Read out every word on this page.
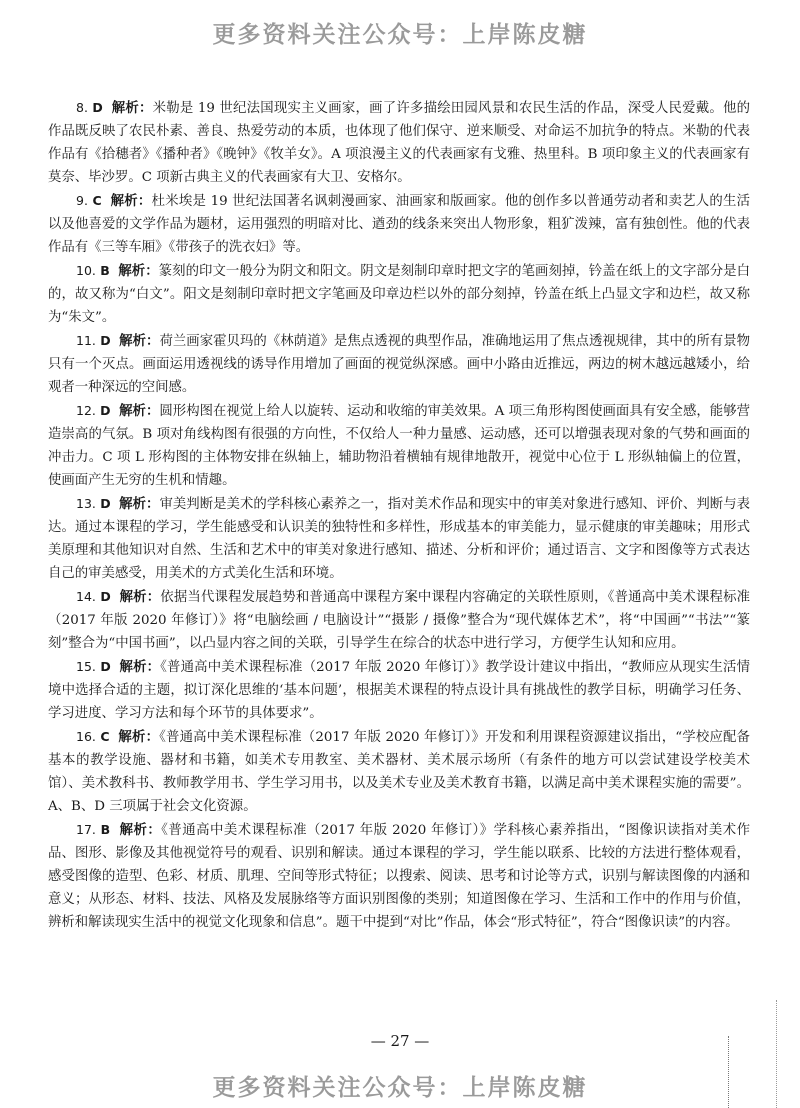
更多资料关注公众号：上岸陈皮糖

8. D 解析：米勒是 19 世纪法国现实主义画家，画了许多描绘田园风景和农民生活的作品，深受人民爱戴。他的作品既反映了农民朴素、善良、热爱劳动的本质，也体现了他们保守、逆来顺受、对命运不加抗争的特点。米勒的代表作品有《拾穗者》《播种者》《晚钟》《牧羊女》。A 项浪漫主义的代表画家有戈雅、热里科。B 项印象主义的代表画家有莫奈、毕沙罗。C 项新古典主义的代表画家有大卫、安格尔。

9. C 解析：杜米埃是 19 世纪法国著名讽刺漫画家、油画家和版画家。他的创作多以普通劳动者和卖艺人的生活以及他喜爱的文学作品为题材，运用强烈的明暗对比、遒劲的线条来突出人物形象，粗犷泼辣，富有独创性。他的代表作品有《三等车厢》《带孩子的洗衣妇》等。

10. B 解析：篆刻的印文一般分为阴文和阳文。阴文是刻制印章时把文字的笔画刻掉，钤盖在纸上的文字部分是白的，故又称为“白文”。阳文是刻制印章时把文字笔画及印章边栏以外的部分刻掉，钤盖在纸上凸显文字和边栏，故又称为“朱文”。

11. D 解析：荷兰画家霍贝玛的《林荫道》是焦点透视的典型作品，准确地运用了焦点透视规律，其中的所有景物只有一个灭点。画面运用透视线的诱导作用增加了画面的视觉纵深感。画中小路由近推远，两边的树木越远越矮小，给观者一种深远的空间感。

12. D 解析：圆形构图在视觉上给人以旋转、运动和收缩的审美效果。A 项三角形构图使画面具有安全感，能够营造崇高的气氛。B 项对角线构图有很强的方向性，不仅给人一种力量感、运动感，还可以增强表现对象的气势和画面的冲击力。C 项 L 形构图的主体物安排在纵轴上，辅助物沿着横轴有规律地散开，视觉中心位于 L 形纵轴偏上的位置，使画面产生无穷的生机和情趣。

13. D 解析：审美判断是美术的学科核心素养之一，指对美术作品和现实中的审美对象进行感知、评价、判断与表达。通过本课程的学习，学生能感受和认识美的独特性和多样性，形成基本的审美能力，显示健康的审美趣味；用形式美原理和其他知识对自然、生活和艺术中的审美对象进行感知、描述、分析和评价；通过语言、文字和图像等方式表达自己的审美感受，用美术的方式美化生活和环境。

14. D 解析：依据当代课程发展趋势和普通高中课程方案中课程内容确定的关联性原则，《普通高中美术课程标准（2017 年版 2020 年修订）》将“电脑绘画 / 电脑设计”“摄影 / 摄像”整合为“现代媒体艺术”，将“中国画”“书法”“篆刻”整合为“中国书画”，以凸显内容之间的关联，引导学生在综合的状态中进行学习，方便学生认知和应用。

15. D 解析：《普通高中美术课程标准（2017 年版 2020 年修订）》教学设计建议中指出，“教师应从现实生活情境中选择合适的主题，拟订深化思维的‘基本问题’，根据美术课程的特点设计具有挑战性的教学目标，明确学习任务、学习进度、学习方法和每个环节的具体要求”。

16. C 解析：《普通高中美术课程标准（2017 年版 2020 年修订）》开发和利用课程资源建议指出，“学校应配备基本的教学设施、器材和书籍，如美术专用教室、美术器材、美术展示场所（有条件的地方可以尝试建设学校美术馆）、美术教科书、教师教学用书、学生学习用书，以及美术专业及美术教育书籍，以满足高中美术课程实施的需要”。A、B、D 三项属于社会文化资源。

17. B 解析：《普通高中美术课程标准（2017 年版 2020 年修订）》学科核心素养指出，“图像识读指对美术作品、图形、影像及其他视觉符号的观看、识别和解读。通过本课程的学习，学生能以联系、比较的方法进行整体观看，感受图像的造型、色彩、材质、肌理、空间等形式特征；以搜索、阅读、思考和讨论等方式，识别与解读图像的内涵和意义；从形态、材料、技法、风格及发展脉络等方面识别图像的类别；知道图像在学习、生活和工作中的作用与价值，辨析和解读现实生活中的视觉文化现象和信息”。题干中提到“对比”作品，体会“形式特征”，符合“图像识读”的内容。

— 27 —
更多资料关注公众号：上岸陈皮糖
